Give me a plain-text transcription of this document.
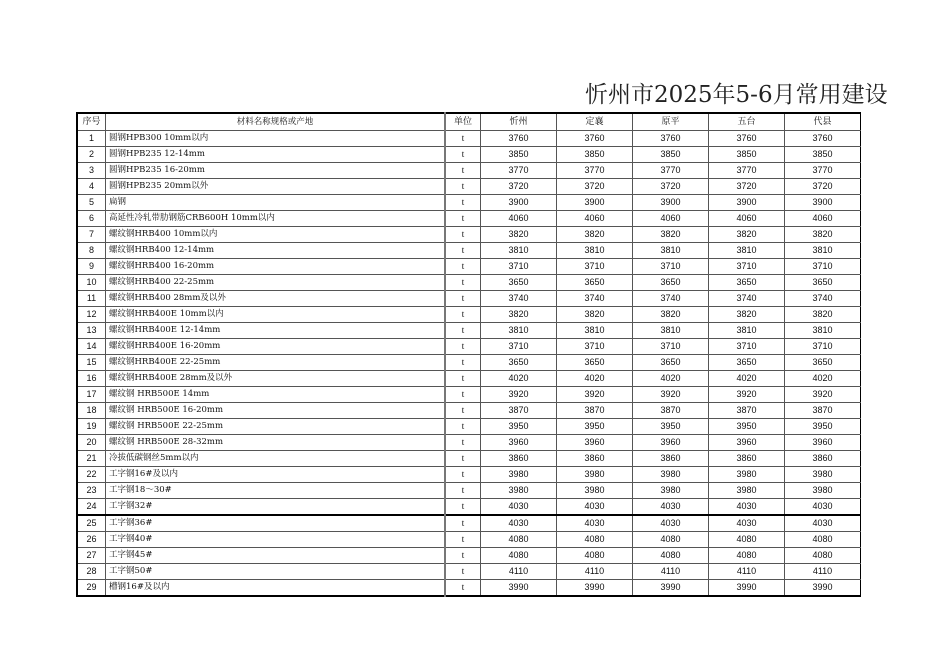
忻州市2025年5-6月常用建设
序号	材料名称规格或产地	单位	忻州	定襄	原平	五台	代县
1	圆钢HPB300 10mm以内	t	3760	3760	3760	3760	3760
2	圆钢HPB235 12-14mm	t	3850	3850	3850	3850	3850
3	圆钢HPB235 16-20mm	t	3770	3770	3770	3770	3770
4	圆钢HPB235 20mm以外	t	3720	3720	3720	3720	3720
5	扁钢	t	3900	3900	3900	3900	3900
6	高延性冷轧带肋钢筋CRB600H 10mm以内	t	4060	4060	4060	4060	4060
7	螺纹钢HRB400 10mm以内	t	3820	3820	3820	3820	3820
8	螺纹钢HRB400 12-14mm	t	3810	3810	3810	3810	3810
9	螺纹钢HRB400 16-20mm	t	3710	3710	3710	3710	3710
10	螺纹钢HRB400 22-25mm	t	3650	3650	3650	3650	3650
11	螺纹钢HRB400 28mm及以外	t	3740	3740	3740	3740	3740
12	螺纹钢HRB400E 10mm以内	t	3820	3820	3820	3820	3820
13	螺纹钢HRB400E 12-14mm	t	3810	3810	3810	3810	3810
14	螺纹钢HRB400E 16-20mm	t	3710	3710	3710	3710	3710
15	螺纹钢HRB400E 22-25mm	t	3650	3650	3650	3650	3650
16	螺纹钢HRB400E 28mm及以外	t	4020	4020	4020	4020	4020
17	螺纹钢 HRB500E 14mm	t	3920	3920	3920	3920	3920
18	螺纹钢 HRB500E 16-20mm	t	3870	3870	3870	3870	3870
19	螺纹钢 HRB500E 22-25mm	t	3950	3950	3950	3950	3950
20	螺纹钢 HRB500E 28-32mm	t	3960	3960	3960	3960	3960
21	冷拔低碳钢丝5mm以内	t	3860	3860	3860	3860	3860
22	工字钢16#及以内	t	3980	3980	3980	3980	3980
23	工字钢18～30#	t	3980	3980	3980	3980	3980
24	工字钢32#	t	4030	4030	4030	4030	4030
25	工字钢36#	t	4030	4030	4030	4030	4030
26	工字钢40#	t	4080	4080	4080	4080	4080
27	工字钢45#	t	4080	4080	4080	4080	4080
28	工字钢50#	t	4110	4110	4110	4110	4110
29	槽钢16#及以内	t	3990	3990	3990	3990	3990
